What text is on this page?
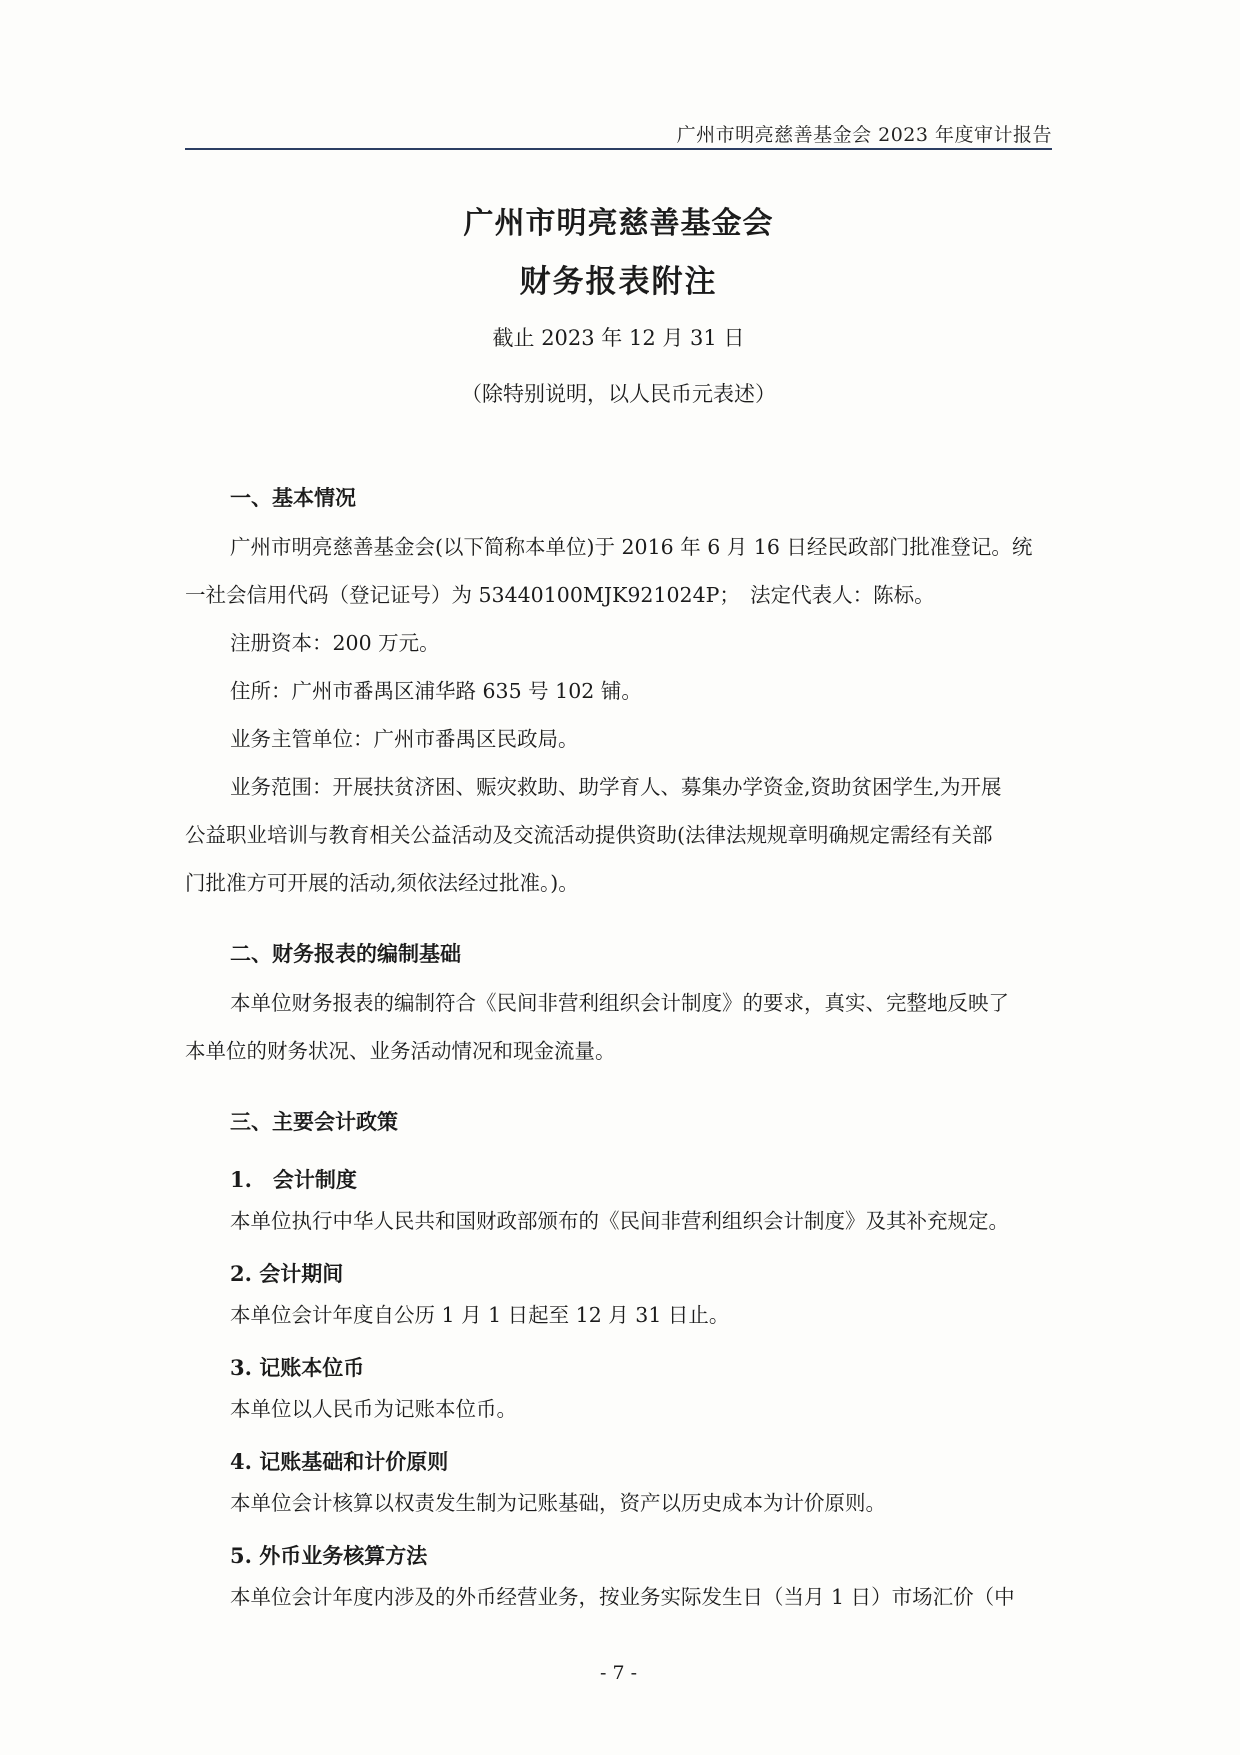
广州市明亮慈善基金会 2023 年度审计报告
广州市明亮慈善基金会
财务报表附注
截止 2023 年 12 月 31 日
（除特别说明，以人民币元表述）
一、基本情况
广州市明亮慈善基金会(以下简称本单位)于 2016 年 6 月 16 日经民政部门批准登记。统
一社会信用代码（登记证号）为 53440100MJK921024P；　法定代表人：陈标。
注册资本：200 万元。
住所：广州市番禺区浦华路 635 号 102 铺。
业务主管单位：广州市番禺区民政局。
业务范围：开展扶贫济困、赈灾救助、助学育人、募集办学资金,资助贫困学生,为开展
公益职业培训与教育相关公益活动及交流活动提供资助(法律法规规章明确规定需经有关部
门批准方可开展的活动,须依法经过批准。)。
二、财务报表的编制基础
本单位财务报表的编制符合《民间非营利组织会计制度》的要求，真实、完整地反映了
本单位的财务状况、业务活动情况和现金流量。
三、主要会计政策
1.　会计制度
本单位执行中华人民共和国财政部颁布的《民间非营利组织会计制度》及其补充规定。
2. 会计期间
本单位会计年度自公历 1 月 1 日起至 12 月 31 日止。
3. 记账本位币
本单位以人民币为记账本位币。
4. 记账基础和计价原则
本单位会计核算以权责发生制为记账基础，资产以历史成本为计价原则。
5. 外币业务核算方法
本单位会计年度内涉及的外币经营业务，按业务实际发生日（当月 1 日）市场汇价（中
- 7 -
